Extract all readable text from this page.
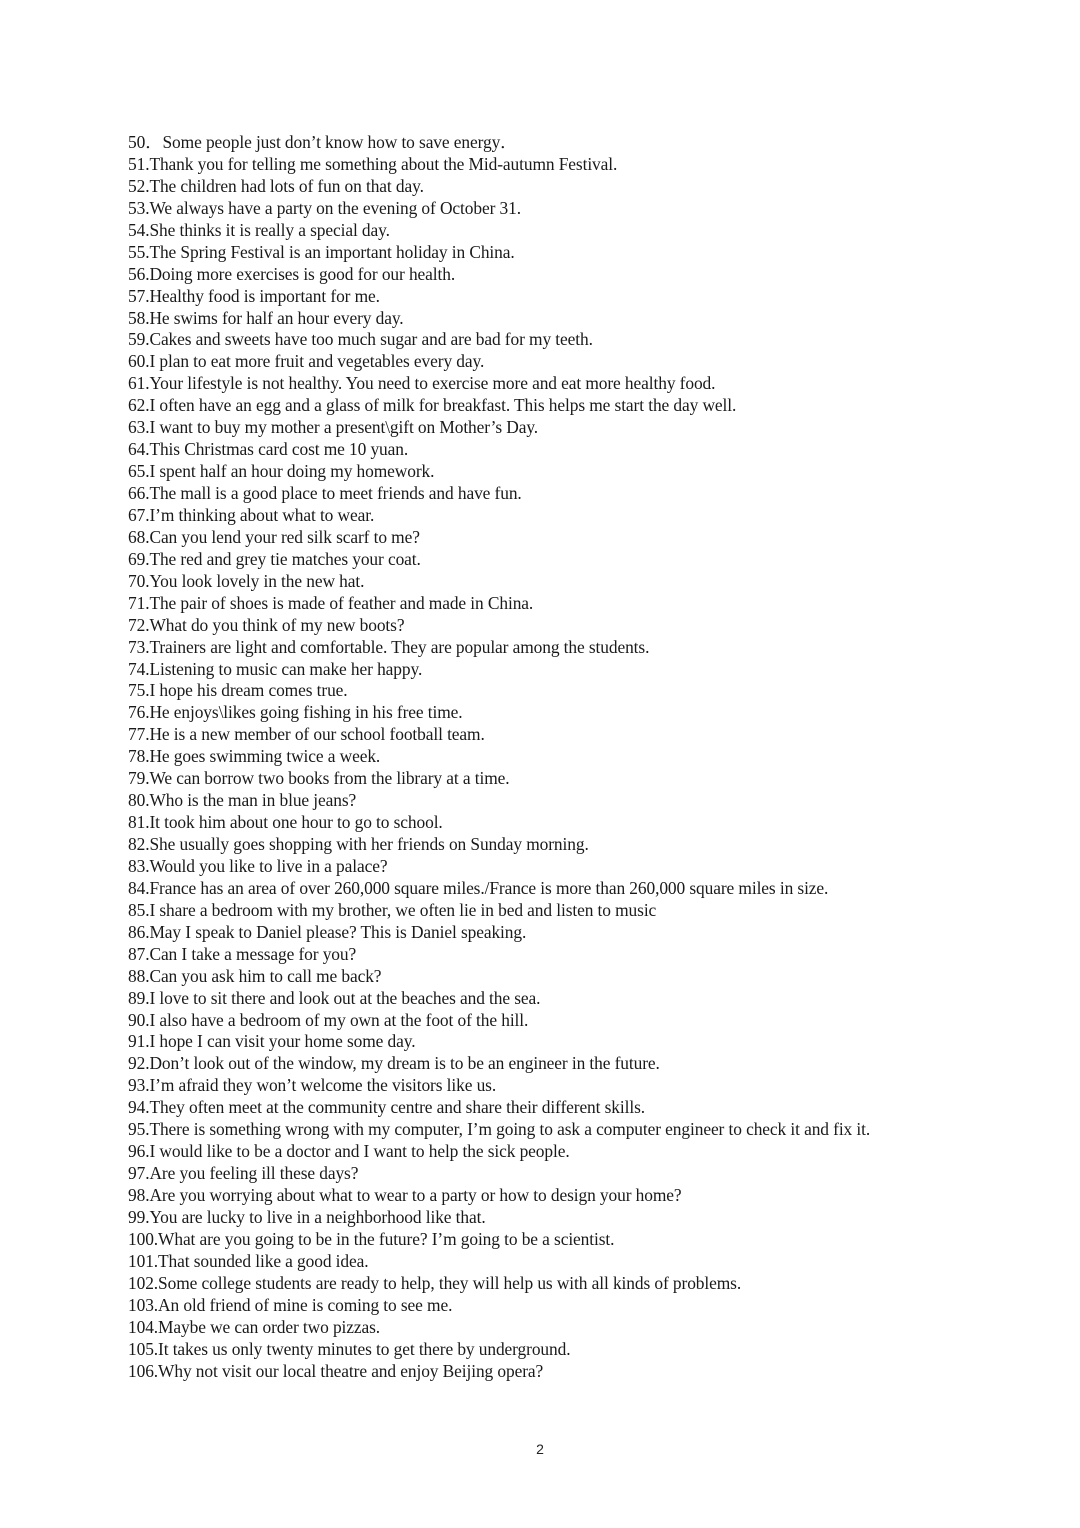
50．Some people just don’t know how to save energy．
51.Thank you for telling me something about the Mid-autumn Festival.
52.The children had lots of fun on that day.
53.We always have a party on the evening of October 31.
54.She thinks it is really a special day.
55.The Spring Festival is an important holiday in China.
56.Doing more exercises is good for our health.
57.Healthy food is important for me.
58.He swims for half an hour every day.
59.Cakes and sweets have too much sugar and are bad for my teeth.
60.I plan to eat more fruit and vegetables every day.
61.Your lifestyle is not healthy. You need to exercise more and eat more healthy food.
62.I often have an egg and a glass of milk for breakfast. This helps me start the day well.
63.I want to buy my mother a present\gift on Mother’s Day.
64.This Christmas card cost me 10 yuan.
65.I spent half an hour doing my homework.
66.The mall is a good place to meet friends and have fun.
67.I’m thinking about what to wear.
68.Can you lend your red silk scarf to me?
69.The red and grey tie matches your coat.
70.You look lovely in the new hat.
71.The pair of shoes is made of feather and made in China.
72.What do you think of my new boots?
73.Trainers are light and comfortable. They are popular among the students.
74.Listening to music can make her happy.
75.I hope his dream comes true.
76.He enjoys\likes going fishing in his free time.
77.He is a new member of our school football team.
78.He goes swimming twice a week.
79.We can borrow two books from the library at a time.
80.Who is the man in blue jeans?
81.It took him about one hour to go to school.
82.She usually goes shopping with her friends on Sunday morning.
83.Would you like to live in a palace?
84.France has an area of over 260,000 square miles./France is more than 260,000 square miles in size.
85.I share a bedroom with my brother, we often lie in bed and listen to music
86.May I speak to Daniel please? This is Daniel speaking.
87.Can I take a message for you?
88.Can you ask him to call me back?
89.I love to sit there and look out at the beaches and the sea.
90.I also have a bedroom of my own at the foot of the hill.
91.I hope I can visit your home some day.
92.Don’t look out of the window, my dream is to be an engineer in the future.
93.I’m afraid they won’t welcome the visitors like us.
94.They often meet at the community centre and share their different skills.
95.There is something wrong with my computer, I’m going to ask a computer engineer to check it and fix it.
96.I would like to be a doctor and I want to help the sick people.
97.Are you feeling ill these days?
98.Are you worrying about what to wear to a party or how to design your home?
99.You are lucky to live in a neighborhood like that.
100.What are you going to be in the future? I’m going to be a scientist.
101.That sounded like a good idea.
102.Some college students are ready to help, they will help us with all kinds of problems.
103.An old friend of mine is coming to see me.
104.Maybe we can order two pizzas.
105.It takes us only twenty minutes to get there by underground.
106.Why not visit our local theatre and enjoy Beijing opera?
2
